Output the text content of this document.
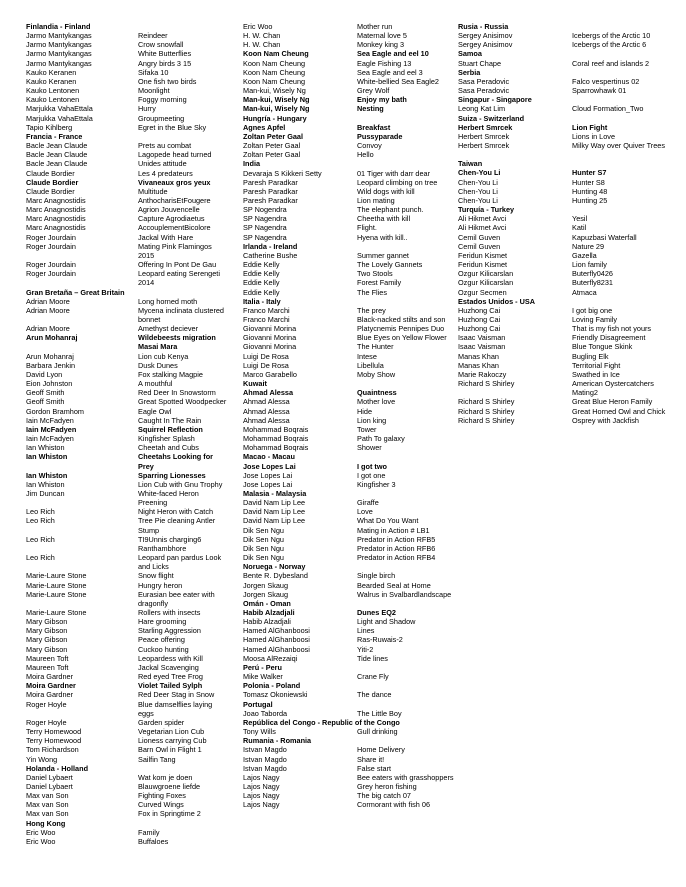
Finlandia - Finland
Jarmo Mantykangas	Reindeer
Jarmo Mantykangas	Crow snowfall
Jarmo Mantykangas	White Butterflies
Jarmo Mantykangas	Angry birds 3 15
Kauko Keranen	Sifaka 10
Kauko Keranen	One fish two birds
Kauko Lentonen	Moonlight
Kauko Lentonen	Foggy morning
Marjukka VahaEttala	Hurry
Marjukka VahaEttala	Groupmeeting
Tapio Kihlberg	Egret in the Blue Sky
Francia - France
Bacle Jean Claude	Prets au combat
Bacle Jean Claude	Lagopede head turned
Bacle Jean Claude	Unides attitude
Claude Bordier	Les 4 predateurs
Claude Bordier	Vivaneaux gros yeux
Claude Bordier	Multitude
Marc Anagnostidis	AnthocharisEtFougere
Marc Anagnostidis	Agrion Jouvencelle
Marc Anagnostidis	Capture Agrodiaetus
Marc Anagnostidis	AccouplementBicolore
Roger Jourdain	Jackal With Hare
Roger Jourdain	Mating Pink Flamingos 2015
Roger Jourdain	Offering In Pont De Gau
Roger Jourdain	Leopard eating Serengeti 2014
Gran Bretaña – Great Britain
Adrian Moore	Long horned moth
Adrian Moore	Mycena inclinata clustered bonnet
Adrian Moore	Amethyst deciever
Arun Mohanraj	Wildebeests migration
Masai Mara
Arun Mohanraj	Lion cub Kenya
Barbara Jenkin	Dusk Dunes
David Lyon	Fox stalking Magpie
Eion Johnston	A mouthful
Geoff Smith	Red Deer In Snowstorm
Geoff Smith	Great Spotted Woodpecker
Gordon Bramhom	Eagle Owl
Iain McFadyen	Caught In The Rain
Iain McFadyen	Squirrel Reflection
Iain McFadyen	Kingfisher Splash
Ian Whiston	Cheetah and Cubs
Ian Whiston	Cheetahs Looking for Prey
Ian Whiston	Sparring Lionesses
Ian Whiston	Lion Cub with Gnu Trophy
Jim Duncan	White-faced Heron Preening
Leo Rich	Night Heron with Catch
Leo Rich	Tree Pie cleaning Antler Stump
Leo Rich	TI9Unnis charging6 Ranthambhore
Leo Rich	Leopard pan pardus Look and Licks
Marie-Laure Stone	Snow flight
Marie-Laure Stone	Hungry heron
Marie-Laure Stone	Eurasian bee eater with dragonfly
Marie-Laure Stone	Rollers with insects
Mary Gibson	Hare grooming
Mary Gibson	Starling Aggression
Mary Gibson	Peace offering
Mary Gibson	Cuckoo hunting
Maureen Toft	Leopardess with Kill
Maureen Toft	Jackal Scavenging
Moira Gardner	Red eyed Tree Frog
Moira Gardner	Violet Tailed Sylph
Moira Gardner	Red Deer Stag in Snow
Roger Hoyle	Blue damselflies laying eggs
Roger Hoyle	Garden spider
Terry Homewood	Vegetarian Lion Cub
Terry Homewood	Lioness carrying Cub
Tom Richardson	Barn Owl in Flight 1
Yin Wong	Sailfin Tang
Holanda - Holland
Daniel Lybaert	Wat kom je doen
Daniel Lybaert	Blauwgroene liefde
Max van Son	Fighting Foxes
Max van Son	Curved Wings
Max van Son	Fox in Springtime 2
Hong Kong
Eric Woo	Family
Eric Woo	Buffaloes
Eric Woo	Mother run
H. W. Chan	Maternal love 5
H. W. Chan	Monkey king 3
Koon Nam Cheung	Sea Eagle and eel 10
Koon Nam Cheung	Eagle Fishing 13
Koon Nam Cheung	Sea Eagle and eel 3
Koon Nam Cheung	White-bellied Sea Eagle2
Man-kui, Wisely Ng	Grey Wolf
Man-kui, Wisely Ng	Enjoy my bath
Man-kui, Wisely Ng	Nesting
Hungría - Hungary
Agnes Apfel	Breakfast
Zoltan Peter Gaal	Pussyparade
Zoltan Peter Gaal	Convoy
Zoltan Peter Gaal	Hello
India
Devaraja S Kikkeri Setty	01 Tiger with darr dear
Paresh Paradkar	Leopard climbing on tree
Paresh Paradkar	Wild dogs with kill
Paresh Paradkar	Lion mating
SP Nogendra	The elephant punch.
SP Nagendra	Cheetha with kill
SP Nagendra	Flight.
SP Nagendra	Hyena with kill..
Irlanda - Ireland
Catherine Bushe	Summer gannet
Eddie Kelly	The Lovely Gannets
Eddie Kelly	Two Stools
Eddie Kelly	Forest Family
Eddie Kelly	The Flies
Italia - Italy
Franco Marchi	The prey
Franco Marchi	Black-nacked stilts and son
Giovanni Morina	Platycnemis Pennipes Duo
Giovanni Morina	Blue Eyes on Yellow Flower
Giovanni Morina	The Hunter
Luigi De Rosa	Intese
Luigi De Rosa	Libellula
Marco Garabello	Moby Show
Kuwait
Ahmad Alessa	Quaintness
Ahmad Alessa	Mother love
Ahmad Alessa	Hide
Ahmad Alessa	Lion king
Mohammad Boqrais	Tower
Mohammad Boqrais	Path To galaxy
Mohammad Boqrais	Shower
Macao - Macau
Jose Lopes Lai	I got two
Jose Lopes Lai	I got one
Jose Lopes Lai	Kingfisher 3
Malasia - Malaysia
David Nam Lip Lee	Giraffe
David Nam Lip Lee	Love
David Nam Lip Lee	What Do You Want
Dik Sen Ngu	Mating in Action # LB1
Dik Sen Ngu	Predator in Action RFB5
Dik Sen Ngu	Predator in Action RFB6
Dik Sen Ngu	Predator in Action RFB4
Noruega - Norway
Bente R. Dybesland	Single birch
Jorgen Skaug	Bearded Seal at Home
Jorgen Skaug	Walrus in Svalbardlandscape
Omán - Oman
Habib Alzadjali	Dunes EQ2
Habib Alzadjali	Light and Shadow
Hamed AlGhanboosi	Lines
Hamed AlGhanboosi	Ras-Ruwais-2
Hamed AlGhanboosi	Yiti-2
Moosa AlRezaiqi	Tide lines
Perú - Peru
Mike Walker	Crane Fly
Polonia - Poland
Tomasz Okoniewski	The dance
Portugal
Joao Taborda	The Little Boy
República del Congo - Republic of the Congo
Tony Wills	Gull drinking
Rumania - Romania
Istvan Magdo	Home Delivery
Istvan Magdo	Share it!
Istvan Magdo	False start
Lajos Nagy	Bee eaters with grasshoppers
Lajos Nagy	Grey heron fishing
Lajos Nagy	The big catch 07
Lajos Nagy	Cormorant with fish 06
Rusia - Russia
Sergey Anisimov	Icebergs of the Arctic 10
Sergey Anisimov	Icebergs of the Arctic 6
Samoa
Stuart Chape	Coral reef and islands 2
Serbia
Sasa Peradovic	Falco vespertinus 02
Sasa Peradovic	Sparrowhawk 01
Singapur - Singapore
Leong Kat Lim	Cloud Formation_Two
Suiza - Switzerland
Herbert Smrcek	Lion Fight
Herbert Smrcek	Lions in Love
Herbert Smrcek	Milky Way over Quiver Trees
Taiwan
Chen-You Li	Hunter S7
Chen-You Li	Hunter S8
Chen-You Li	Hunting 48
Chen-You Li	Hunting 25
Turquía - Turkey
Ali Hikmet Avci	Yesil
Ali Hikmet Avci	Katil
Cemil Guven	Kapuzbasi Waterfall
Cemil Guven	Nature 29
Feridun Kismet	Gazella
Feridun Kismet	Lion family
Ozgur Kilicarslan	Buterfly0426
Ozgur Kilicarslan	Buterfly8231
Ozgur Secmen	Atmaca
Estados Unidos - USA
Huzhong Cai	I got big one
Huzhong Cai	Loving Family
Huzhong Cai	That is my fish not yours
Isaac Vaisman	Friendly Disagreement
Isaac Vaisman	Blue Tongue Skink
Manas Khan	Bugling Elk
Manas Khan	Territorial Fight
Marie Rakoczy	Swathed in Ice
Richard S Shirley	American Oystercatchers Mating2
Richard S Shirley	Great Blue Heron Family
Richard S Shirley	Great Horned Owl and Chick
Richard S Shirley	Osprey with Jackfish
